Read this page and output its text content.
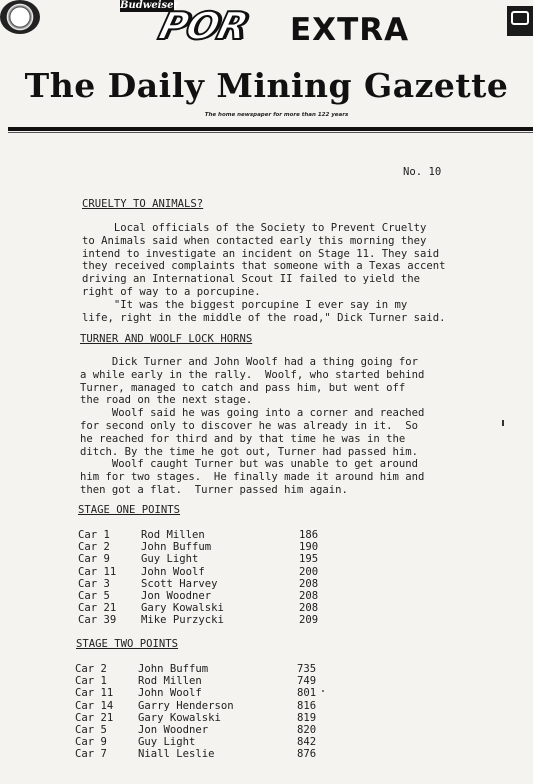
Budweiser
POR EXTRA
The Daily Mining Gazette
The home newspaper for more than 122 years
No. 10
CRUELTY TO ANIMALS?
Local officials of the Society to Prevent Cruelty
to Animals said when contacted early this morning they
intend to investigate an incident on Stage 11. They said
they received complaints that someone with a Texas accent
driving an International Scout II failed to yield the
right of way to a porcupine.
"It was the biggest porcupine I ever say in my
life, right in the middle of the road," Dick Turner said.
TURNER AND WOOLF LOCK HORNS
Dick Turner and John Woolf had a thing going for
a while early in the rally.  Woolf, who started behind
Turner, managed to catch and pass him, but went off
the road on the next stage.
Woolf said he was going into a corner and reached
for second only to discover he was already in it.  So
he reached for third and by that time he was in the
ditch. By the time he got out, Turner had passed him.
Woolf caught Turner but was unable to get around
him for two stages.  He finally made it around him and
then got a flat.  Turner passed him again.
STAGE ONE POINTS
Car 1	Rod Millen	186
Car 2	John Buffum	190
Car 9	Guy Light	195
Car 11 John Woolf	200
Car 3	Scott Harvey	208
Car 5	Jon Woodner	208
Car 21 Gary Kowalski	208
Car 39 Mike Purzycki	209
STAGE TWO POINTS
Car 2	John Buffum	735
Car 1	Rod Millen	749
Car 11 John Woolf	801
Car 14 Garry Henderson	816
Car 21 Gary Kowalski	819
Car 5	Jon Woodner	820
Car 9	Guy Light	842
Car 7	Niall Leslie	876
